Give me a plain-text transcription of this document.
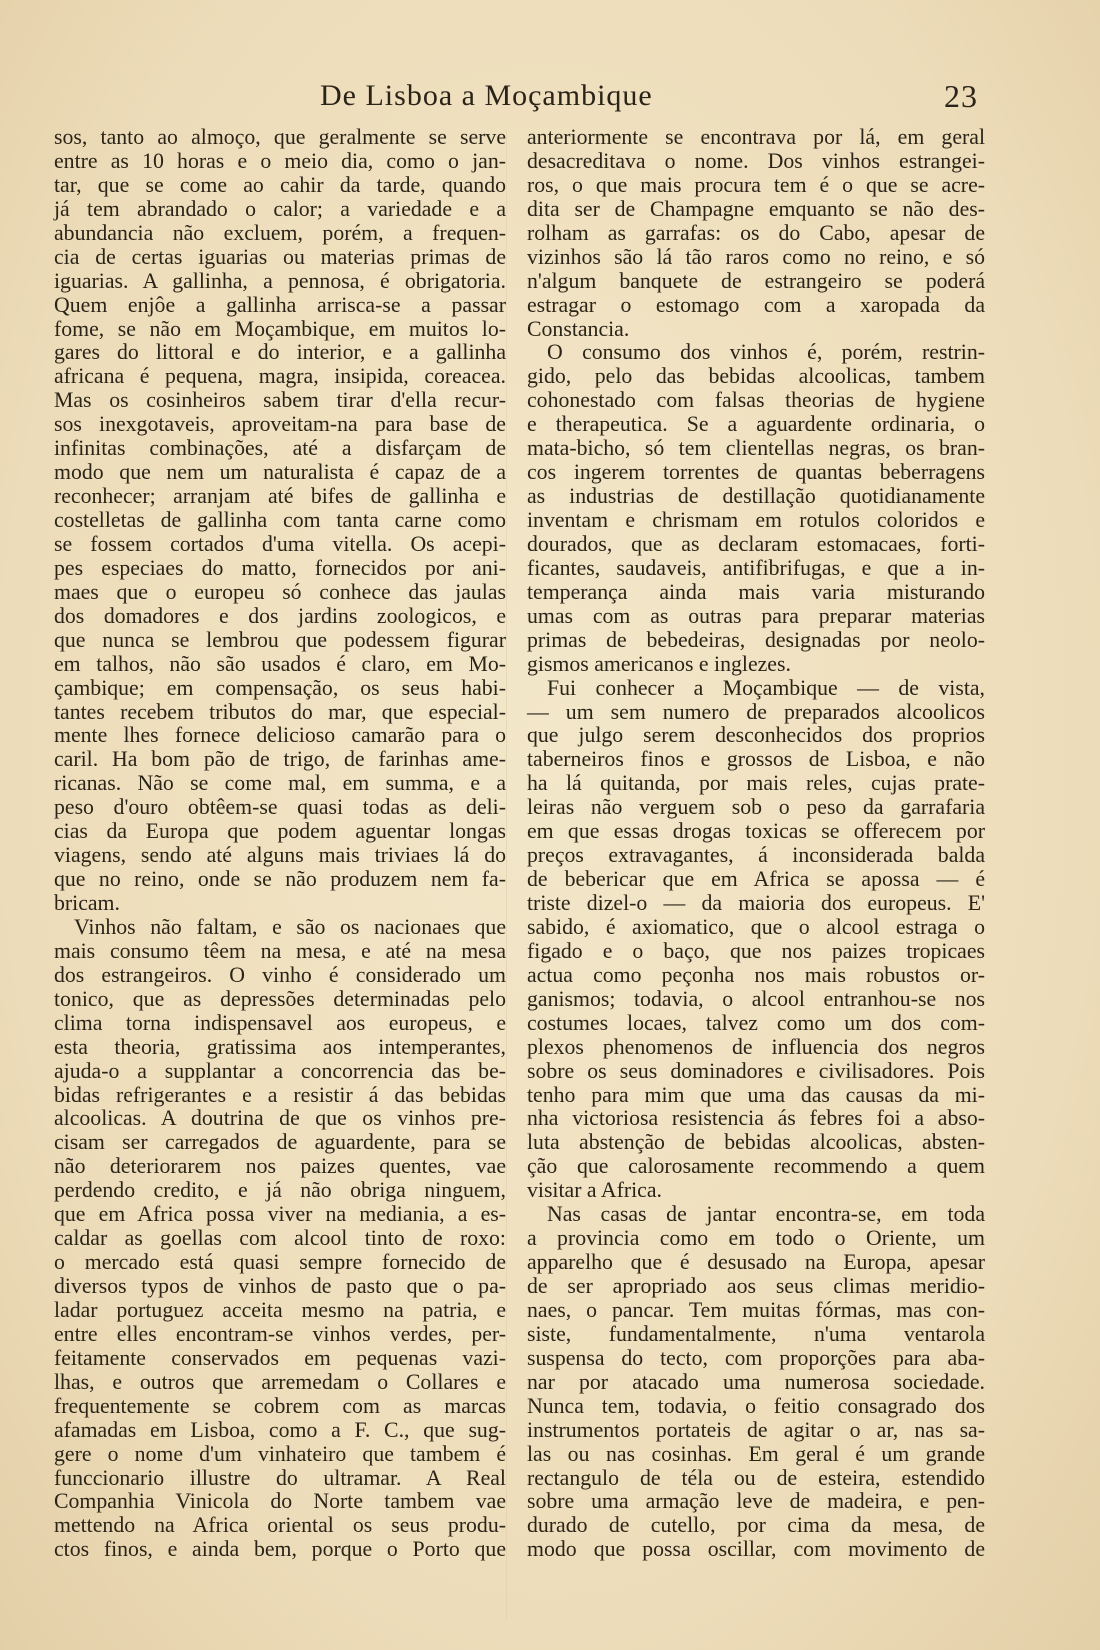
De Lisboa a Moçambique	23
sos, tanto ao almoço, que geralmente se serve
entre as 10 horas e o meio dia, como o jan-
tar, que se come ao cahir da tarde, quando
já tem abrandado o calor; a variedade e a
abundancia não excluem, porém, a frequen-
cia de certas iguarias ou materias primas de
iguarias. A gallinha, a pennosa, é obrigatoria.
Quem enjôe a gallinha arrisca-se a passar
fome, se não em Moçambique, em muitos lo-
gares do littoral e do interior, e a gallinha
africana é pequena, magra, insipida, coreacea.
Mas os cosinheiros sabem tirar d'ella recur-
sos inexgotaveis, aproveitam-na para base de
infinitas combinações, até a disfarçam de
modo que nem um naturalista é capaz de a
reconhecer; arranjam até bifes de gallinha e
costelletas de gallinha com tanta carne como
se fossem cortados d'uma vitella. Os acepi-
pes especiaes do matto, fornecidos por ani-
maes que o europeu só conhece das jaulas
dos domadores e dos jardins zoologicos, e
que nunca se lembrou que podessem figurar
em talhos, não são usados é claro, em Mo-
çambique; em compensação, os seus habi-
tantes recebem tributos do mar, que especial-
mente lhes fornece delicioso camarão para o
caril. Ha bom pão de trigo, de farinhas ame-
ricanas. Não se come mal, em summa, e a
peso d'ouro obtêem-se quasi todas as deli-
cias da Europa que podem aguentar longas
viagens, sendo até alguns mais triviaes lá do
que no reino, onde se não produzem nem fa-
bricam.
Vinhos não faltam, e são os nacionaes que
mais consumo têem na mesa, e até na mesa
dos estrangeiros. O vinho é considerado um
tonico, que as depressões determinadas pelo
clima torna indispensavel aos europeus, e
esta theoria, gratissima aos intemperantes,
ajuda-o a supplantar a concorrencia das be-
bidas refrigerantes e a resistir á das bebidas
alcoolicas. A doutrina de que os vinhos pre-
cisam ser carregados de aguardente, para se
não deteriorarem nos paizes quentes, vae
perdendo credito, e já não obriga ninguem,
que em Africa possa viver na mediania, a es-
caldar as goellas com alcool tinto de roxo:
o mercado está quasi sempre fornecido de
diversos typos de vinhos de pasto que o pa-
ladar portuguez acceita mesmo na patria, e
entre elles encontram-se vinhos verdes, per-
feitamente conservados em pequenas vazi-
lhas, e outros que arremedam o Collares e
frequentemente se cobrem com as marcas
afamadas em Lisboa, como a F. C., que sug-
gere o nome d'um vinhateiro que tambem é
funccionario illustre do ultramar. A Real
Companhia Vinicola do Norte tambem vae
mettendo na Africa oriental os seus produ-
ctos finos, e ainda bem, porque o Porto que
anteriormente se encontrava por lá, em geral
desacreditava o nome. Dos vinhos estrangei-
ros, o que mais procura tem é o que se acre-
dita ser de Champagne emquanto se não des-
rolham as garrafas: os do Cabo, apesar de
vizinhos são lá tão raros como no reino, e só
n'algum banquete de estrangeiro se poderá
estragar o estomago com a xaropada da
Constancia.
O consumo dos vinhos é, porém, restrin-
gido, pelo das bebidas alcoolicas, tambem
cohonestado com falsas theorias de hygiene
e therapeutica. Se a aguardente ordinaria, o
mata-bicho, só tem clientellas negras, os bran-
cos ingerem torrentes de quantas beberragens
as industrias de destillação quotidianamente
inventam e chrismam em rotulos coloridos e
dourados, que as declaram estomacaes, forti-
ficantes, saudaveis, antifibrifugas, e que a in-
temperança ainda mais varia misturando
umas com as outras para preparar materias
primas de bebedeiras, designadas por neolo-
gismos americanos e inglezes.
Fui conhecer a Moçambique — de vista,
— um sem numero de preparados alcoolicos
que julgo serem desconhecidos dos proprios
taberneiros finos e grossos de Lisboa, e não
ha lá quitanda, por mais reles, cujas prate-
leiras não verguem sob o peso da garrafaria
em que essas drogas toxicas se offerecem por
preços extravagantes, á inconsiderada balda
de bebericar que em Africa se apossa — é
triste dizel-o — da maioria dos europeus. E'
sabido, é axiomatico, que o alcool estraga o
figado e o baço, que nos paizes tropicaes
actua como peçonha nos mais robustos or-
ganismos; todavia, o alcool entranhou-se nos
costumes locaes, talvez como um dos com-
plexos phenomenos de influencia dos negros
sobre os seus dominadores e civilisadores. Pois
tenho para mim que uma das causas da mi-
nha victoriosa resistencia ás febres foi a abso-
luta abstenção de bebidas alcoolicas, absten-
ção que calorosamente recommendo a quem
visitar a Africa.
Nas casas de jantar encontra-se, em toda
a provincia como em todo o Oriente, um
apparelho que é desusado na Europa, apesar
de ser apropriado aos seus climas meridio-
naes, o pancar. Tem muitas fórmas, mas con-
siste, fundamentalmente, n'uma ventarola
suspensa do tecto, com proporções para aba-
nar por atacado uma numerosa sociedade.
Nunca tem, todavia, o feitio consagrado dos
instrumentos portateis de agitar o ar, nas sa-
las ou nas cosinhas. Em geral é um grande
rectangulo de téla ou de esteira, estendido
sobre uma armação leve de madeira, e pen-
durado de cutello, por cima da mesa, de
modo que possa oscillar, com movimento de
